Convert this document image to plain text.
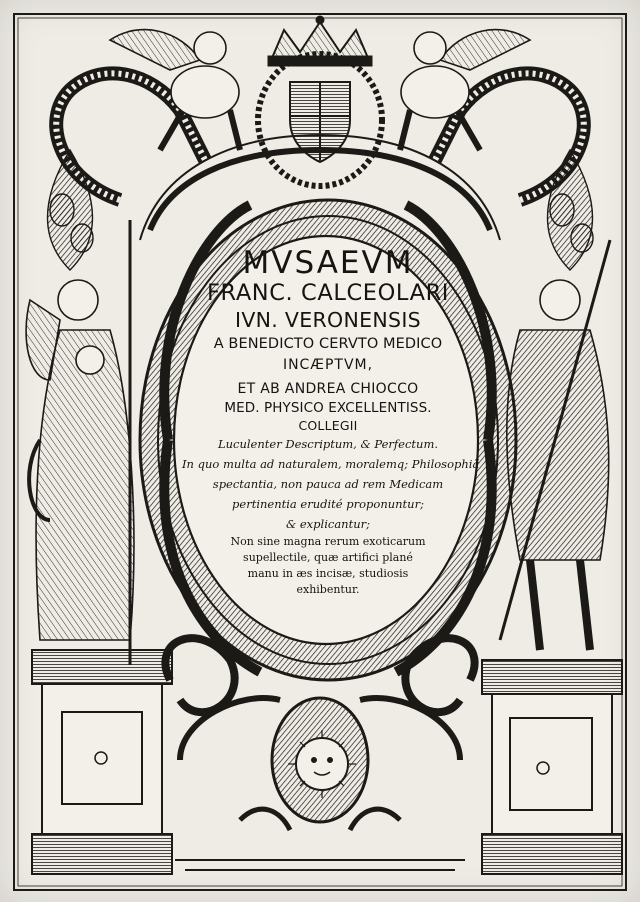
MVSAEVM
FRANC. CALCEOLARI
IVN. VERONENSIS
A BENEDICTO CERVTO MEDICO
INCÆPTVM,
ET AB ANDREA CHIOCCO
MED. PHYSICO EXCELLENTISS.
COLLEGII
Luculenter Descriptum, & Perfectum.
In quo multa ad naturalem, moralemq; Philosophiã
spectantia, non pauca ad rem Medicam
pertinentia erudité proponuntur;
& explicantur;
Non sine magna rerum exoticarum
supellectile, quæ artifici plané
manu in æs incisæ, studiosis
exhibentur.
